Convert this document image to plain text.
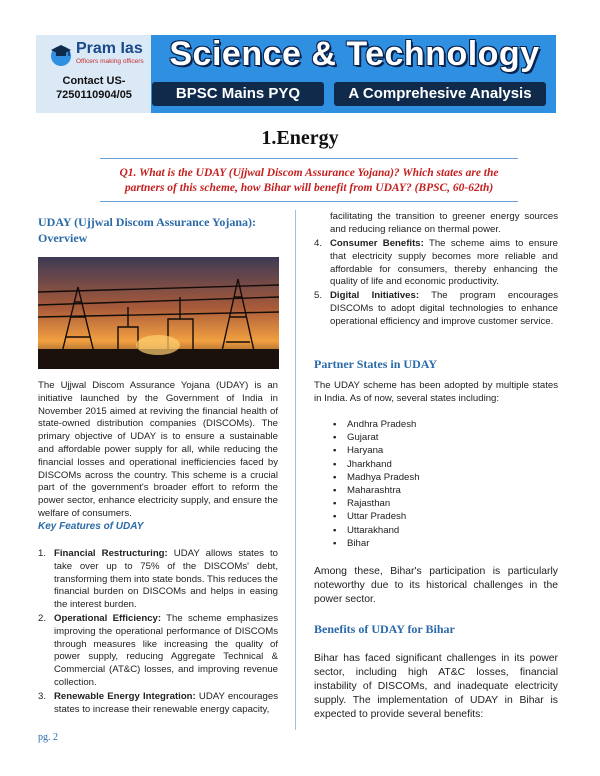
Pram Ias
Officers making officers
Contact US-
7250110904/05
Science & Technology
BPSC Mains PYQ	A Comprehesive Analysis
1.Energy
Q1. What is the UDAY (Ujjwal Discom Assurance Yojana)? Which states are the partners of this scheme, how Bihar will benefit from UDAY? (BPSC, 60-62th)
UDAY (Ujjwal Discom Assurance Yojana): Overview
The Ujjwal Discom Assurance Yojana (UDAY) is an initiative launched by the Government of India in November 2015 aimed at reviving the financial health of state-owned distribution companies (DISCOMs). The primary objective of UDAY is to ensure a sustainable and affordable power supply for all, while reducing the financial losses and operational inefficiencies faced by DISCOMs across the country. This scheme is a crucial part of the government's broader effort to reform the power sector, enhance electricity supply, and ensure the welfare of consumers.
Key Features of UDAY
1. Financial Restructuring: UDAY allows states to take over up to 75% of the DISCOMs' debt, transforming them into state bonds. This reduces the financial burden on DISCOMs and helps in easing the interest burden.
2. Operational Efficiency: The scheme emphasizes improving the operational performance of DISCOMs through measures like increasing the quality of power supply, reducing Aggregate Technical & Commercial (AT&C) losses, and improving revenue collection.
3. Renewable Energy Integration: UDAY encourages states to increase their renewable energy capacity,
facilitating the transition to greener energy sources and reducing reliance on thermal power.
4. Consumer Benefits: The scheme aims to ensure that electricity supply becomes more reliable and affordable for consumers, thereby enhancing the quality of life and economic productivity.
5. Digital Initiatives: The program encourages DISCOMs to adopt digital technologies to enhance operational efficiency and improve customer service.
Partner States in UDAY
The UDAY scheme has been adopted by multiple states in India. As of now, several states including:
• Andhra Pradesh
• Gujarat
• Haryana
• Jharkhand
• Madhya Pradesh
• Maharashtra
• Rajasthan
• Uttar Pradesh
• Uttarakhand
• Bihar
Among these, Bihar's participation is particularly noteworthy due to its historical challenges in the power sector.
Benefits of UDAY for Bihar
Bihar has faced significant challenges in its power sector, including high AT&C losses, financial instability of DISCOMs, and inadequate electricity supply. The implementation of UDAY in Bihar is expected to provide several benefits:
pg. 2
